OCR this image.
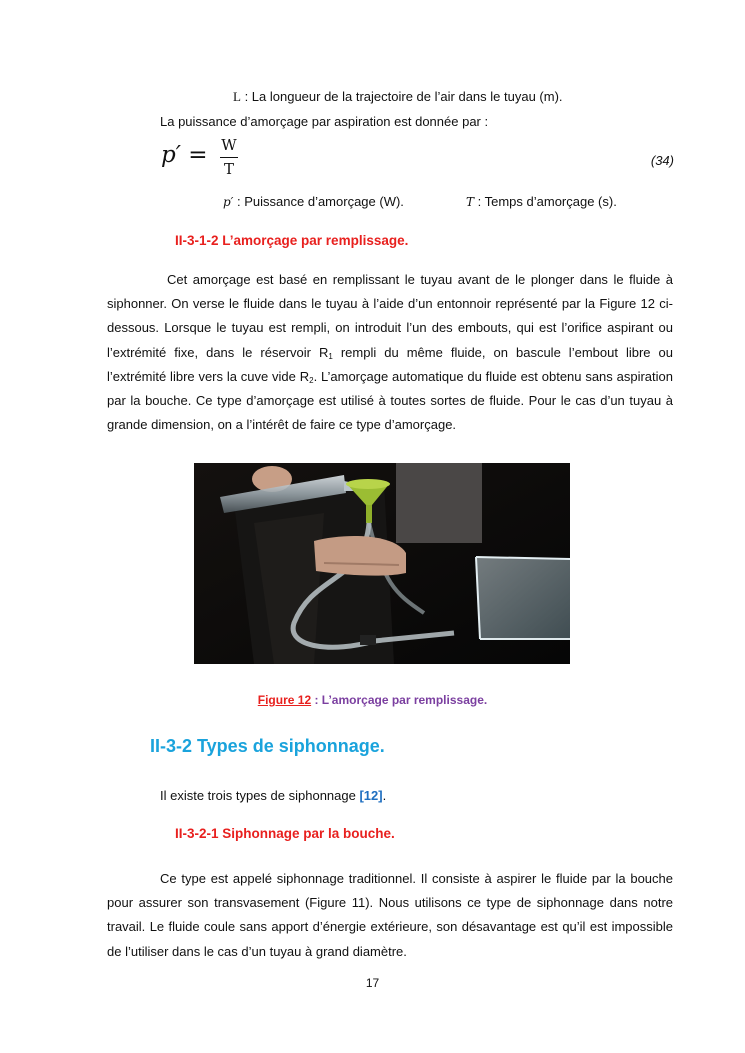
L : La longueur de la trajectoire de l’air dans le tuyau (m).
La puissance d’amorçage par aspiration est donnée par :
p′ = W
T	(34)
p′ : Puissance d’amorçage (W).	T : Temps d’amorçage (s).
II-3-1-2 L’amorçage par remplissage.
Cet amorçage est basé en remplissant le tuyau avant de le plonger dans le fluide à siphonner. On verse le fluide dans le tuyau à l’aide d’un entonnoir représenté par la Figure 12 ci-dessous. Lorsque le tuyau est rempli, on introduit l’un des embouts, qui est l’orifice aspirant ou l’extrémité fixe, dans le réservoir $R_1$ rempli du même fluide, on bascule l’embout libre ou l’extrémité libre vers la cuve vide $R_2$. L’amorçage automatique du fluide est obtenu sans aspiration par la bouche. Ce type d’amorçage est utilisé à toutes sortes de fluide. Pour le cas d’un tuyau à grande dimension, on a l’intérêt de faire ce type d’amorçage.
Figure 12 : L’amorçage par remplissage.
II-3-2 Types de siphonnage.
Il existe trois types de siphonnage [12].
II-3-2-1 Siphonnage par la bouche.
Ce type est appelé siphonnage traditionnel. Il consiste à aspirer le fluide par la bouche pour assurer son transvasement (Figure 11). Nous utilisons ce type de siphonnage dans notre travail. Le fluide coule sans apport d’énergie extérieure, son désavantage est qu’il est impossible de l’utiliser dans le cas d’un tuyau à grand diamètre.
17
